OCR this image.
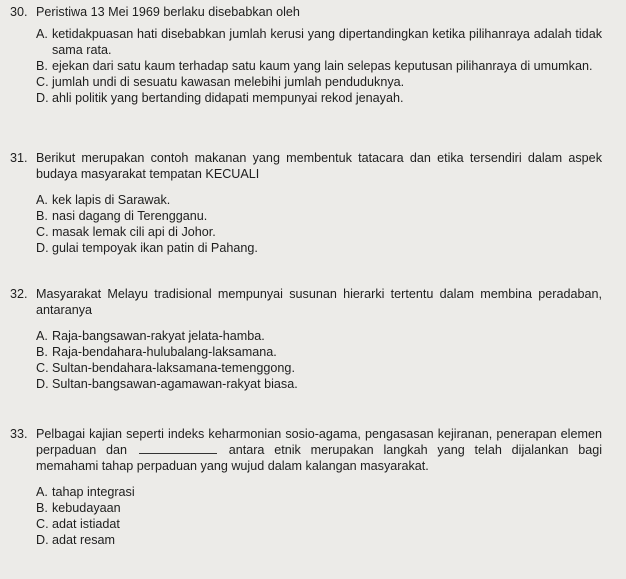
30. Peristiwa 13 Mei 1969 berlaku disebabkan oleh
A. ketidakpuasan hati disebabkan jumlah kerusi yang dipertandingkan ketika pilihanraya adalah tidak sama rata.
B. ejekan dari satu kaum terhadap satu kaum yang lain selepas keputusan pilihanraya di umumkan.
C. jumlah undi di sesuatu kawasan melebihi jumlah penduduknya.
D. ahli politik yang bertanding didapati mempunyai rekod jenayah.
31. Berikut merupakan contoh makanan yang membentuk tatacara dan etika tersendiri dalam aspek budaya masyarakat tempatan KECUALI
A. kek lapis di Sarawak.
B. nasi dagang di Terengganu.
C. masak lemak cili api di Johor.
D. gulai tempoyak ikan patin di Pahang.
32. Masyarakat Melayu tradisional mempunyai susunan hierarki tertentu dalam membina peradaban, antaranya
A. Raja-bangsawan-rakyat jelata-hamba.
B. Raja-bendahara-hulubalang-laksamana.
C. Sultan-bendahara-laksamana-temenggong.
D. Sultan-bangsawan-agamawan-rakyat biasa.
33. Pelbagai kajian seperti indeks keharmonian sosio-agama, pengasasan kejiranan, penerapan elemen perpaduan dan	antara etnik merupakan langkah yang telah dijalankan bagi memahami tahap perpaduan yang wujud dalam kalangan masyarakat.
A. tahap integrasi
B. kebudayaan
C. adat istiadat
D. adat resam
